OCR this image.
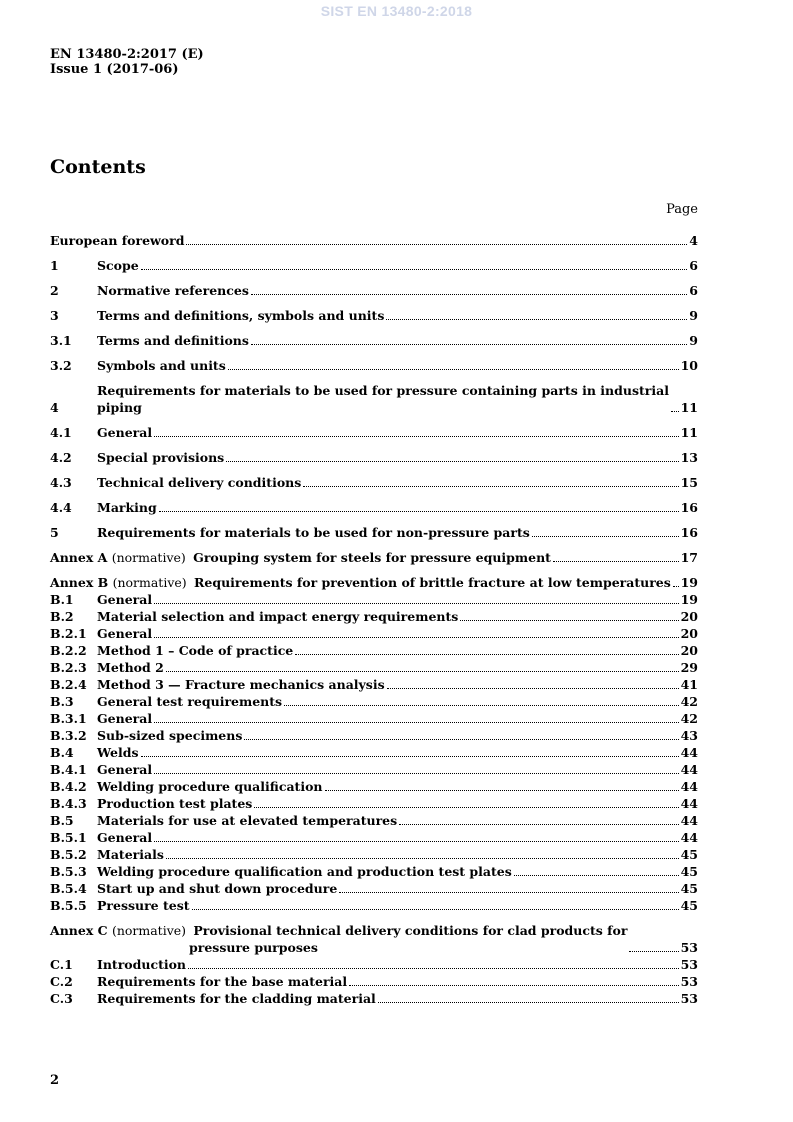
SIST EN 13480-2:2018
EN 13480-2:2017 (E)
Issue 1 (2017-06)
Contents
Page
European foreword	4
1	Scope	6
2	Normative references	6
3	Terms and definitions, symbols and units	9
3.1	Terms and definitions	9
3.2	Symbols and units	10
4
Requirements for materials to be used for pressure containing parts in industrial
piping	11
4.1	General	11
4.2	Special provisions	13
4.3	Technical delivery conditions	15
4.4	Marking	16
5	Requirements for materials to be used for non-pressure parts	16
Annex A (normative) Grouping system for steels for pressure equipment	17
Annex B (normative) Requirements for prevention of brittle fracture at low temperatures 19
B.1	General	19
B.2	Material selection and impact energy requirements	20
B.2.1 General	20
B.2.2 Method 1 – Code of practice	20
B.2.3 Method 2	29
B.2.4 Method 3 — Fracture mechanics analysis	41
B.3	General test requirements	42
B.3.1 General	42
B.3.2 Sub-sized specimens	43
B.4	Welds	44
B.4.1 General	44
B.4.2 Welding procedure qualification	44
B.4.3 Production test plates	44
B.5	Materials for use at elevated temperatures	44
B.5.1 General	44
B.5.2 Materials	45
B.5.3 Welding procedure qualification and production test plates	45
B.5.4 Start up and shut down procedure	45
B.5.5 Pressure test	45
Annex C (normative) Provisional technical delivery conditions for clad products for
pressure purposes	53
C.1	Introduction	53
C.2	Requirements for the base material	53
C.3	Requirements for the cladding material	53
2
